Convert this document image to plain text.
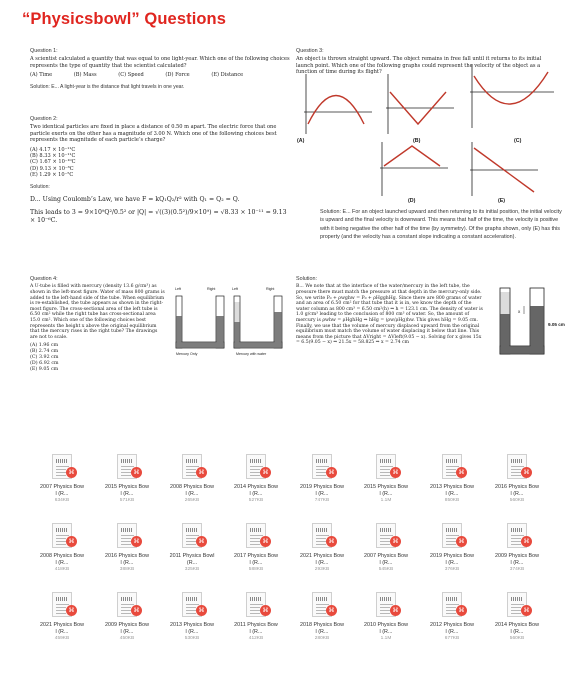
“Physicsbowl” Questions
Question 1:
A scientist calculated a quantity that was equal to one light-year. Which one of the following choices represents the type of quantity that the scientist calculated?
(A) Time	(B) Mass	(C) Speed	(D) Force	(E) Distance
Solution: E... A light-year is the distance that light travels in one year.
Question 2:
Two identical particles are fixed in place a distance of 0.50 m apart. The electric force that one particle exerts on the other has a magnitude of 3.00 N. Which one of the following choices best represents the magnitude of each particle’s charge?
(A) 4.17 × 10⁻¹¹C
(B) 8.33 × 10⁻¹¹C
(C) 1.67 × 10⁻¹⁰C
(D) 9.13 × 10⁻⁶C
(E) 1.29 × 10⁻⁵C
Solution:
D... Using Coulomb’s Law, we have F = kQ₁Q₂/r² with Q₁ = Q₂ = Q.
This leads to 3 = 9×10⁹Q²/0.5² or |Q| = √((3)(0.5²)/9×10⁹) = √8.33 × 10⁻¹¹ = 9.13 × 10⁻⁶C.
Question 3:
An object is thrown straight upward. The object remains in free fall until it returns to its initial launch point. Which one of the following graphs could represent the velocity of the object as a function of time during its flight?
(A)	(B)	(C)
(D)	(E)
Solution: E... For an object launched upward and then returning to its initial position, the initial velocity is upward and the final velocity is downward. This means that half of the time, the velocity is positive with it being negative the other half of the time (by symmetry). Of the graphs shown, only (E) has this property (and the velocity has a constant slope indicating a constant acceleration).
Question 4:
A U-tube is filled with mercury (density 13.6 g/cm³) as shown in the left-most figure. Water of mass 800 grams is added to the left-hand side of the tube. When equilibrium is re-established, the tube appears as shown in the right-most figure. The cross-sectional area of the left tube is 6.50 cm² while the right tube has cross-sectional area 15.0 cm². Which one of the following choices best represents the height x above the original equilibrium that the mercury rises in the right tube? The drawings are not to scale.
(A) 1.96 cm
(B) 2.74 cm
(C) 3.92 cm
(D) 6.92 cm
(E) 9.05 cm
Left	Right	Left	Right
Mercury Only	Mercury with water
Solution:
B... We note that at the interface of the water/mercury in the left tube, the pressure there must match the pressure at that depth in the mercury-only side. So, we write P₀ + ρwghw = P₀ + ρHgghHg. Since there are 800 grams of water and an area of 6.50 cm² for that tube that it is in, we know the depth of the water column as 800 cm³ = 6.50 cm²(h) ⇒ h = 123.1 cm. The density of water is 1.0 g/cm³ leading to the conclusion of 800 cm³ of water. So, the amount of mercury is ρwhw = ρHghHg ⇒ hHg = (ρw/ρHg)hw. This gives hHg = 9.05 cm. Finally, we use that the volume of mercury displaced upward from the original equilibrium must match the volume of water displacing it below that line. This means from the picture that ΔVright = ΔVleft(9.05 − x). Solving for x gives 15x = 6.5(9.05 − x) ⇒ 21.5x = 58.825 ⇒ x = 2.74 cm
x
9.05 cm
⌘
2007 Physics Bow
l (R...
634KB
⌘
2015 Physics Bow
l (R...
571KB
⌘
2008 Physics Bow
l (R...
265KB
⌘
2014 Physics Bow
l (R...
527KB
⌘
2019 Physics Bow
l (R...
747KB
⌘
2015 Physics Bow
l (R...
1.1M
⌘
2013 Physics Bow
l (R...
850KB
⌘
2016 Physics Bow
l (R...
560KB
⌘
2008 Physics Bow
l (R...
418KB
⌘
2016 Physics Bow
l (R...
388KB
⌘
2011 Physics Bowl
(R...
325KB
⌘
2017 Physics Bow
l (R...
588KB
⌘
2021 Physics Bow
l (R...
293KB
⌘
2007 Physics Bow
l (R...
545KB
⌘
2019 Physics Bow
l (R...
376KB
⌘
2009 Physics Bow
l (R...
374KB
⌘
2021 Physics Bow
l (R...
459KB
⌘
2009 Physics Bow
l (R...
450KB
⌘
2013 Physics Bow
l (R...
530KB
⌘
2011 Physics Bow
l (R...
412KB
⌘
2018 Physics Bow
l (R...
280KB
⌘
2010 Physics Bow
l (R...
1.1M
⌘
2012 Physics Bow
l (R...
677KB
⌘
2014 Physics Bow
l (R...
560KB
